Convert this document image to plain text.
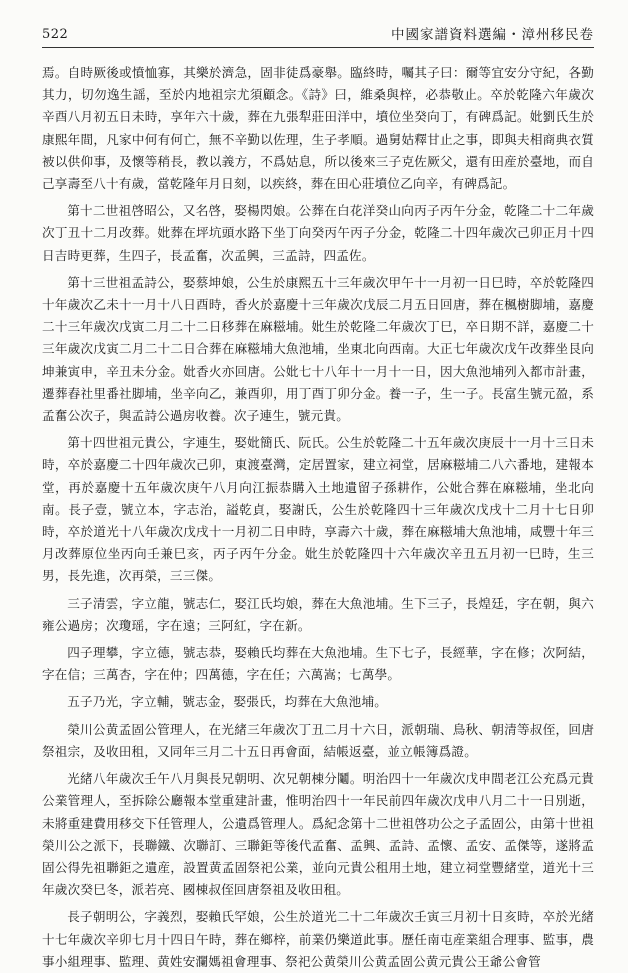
522	中國家譜資料選編・漳州移民卷

焉。自時厥後或憤恤寡，其樂於濟急，固非徒爲豪舉。臨終時，囑其子曰：爾等宜安分守紀，各勤其力，切勿逸生謡，至於内地祖宗尤須顧念。《詩》曰，維桑與梓，必恭敬止。卒於乾隆六年歲次辛酉八月初五日未時，享年六十歲，葬在九張犁莊田洋中，墳位坐癸向丁，有碑爲記。妣劉氏生於康熙年間，凡家中何有何亡，無不辛勤以佐理，生子孝順。過舅姑釋甘止之事，即與夫相商典衣質被以供仰事，及懷等稍長，教以義方，不爲姑息，所以後來三子克佐厥父，還有田産於臺地，而自己享壽至八十有歲，當乾隆年月日刻，以疾終，葬在田心莊墳位乙向辛，有碑爲記。

第十二世祖啓昭公，又名啓，娶楊閃娘。公葬在白花洋癸山向丙子丙午分金，乾隆二十二年歲次丁丑十二月改葬。妣葬在坪坑頭水路下坐丁向癸丙午丙子分金，乾隆二十四年歲次己卯正月十四日吉時更葬，生四子，長孟奮，次孟興，三孟詩，四孟佐。

第十三世祖孟詩公，娶蔡坤娘，公生於康熙五十三年歲次甲午十一月初一日巳時，卒於乾隆四十年歲次乙未十一月十八日酉時，香火於嘉慶十三年歲次戊辰二月五日回唐，葬在楓樹脚埔，嘉慶二十三年歲次戊寅二月二十二日移葬在麻糍埔。妣生於乾隆二年歲次丁巳，卒日期不詳，嘉慶二十三年歲次戊寅二月二十二日合葬在麻糍埔大魚池埔，坐東北向西南。大正七年歲次戊午改葬坐艮向坤兼寅申，辛丑未分金。妣香火亦回唐。公妣七十八年十一月十一日，因大魚池埔列入都市計畫，遷葬舂社里番社脚埔，坐辛向乙，兼酉卯，用丁酉丁卯分金。養一子，生一子。長富生號元盈，系孟奮公次子，與孟詩公過房收養。次子連生，號元貴。

第十四世祖元貴公，字連生，娶妣簡氏、阮氏。公生於乾隆二十五年歲次庚辰十一月十三日未時，卒於嘉慶二十四年歲次己卯，東渡臺灣，定居置家，建立祠堂，居麻糍埔二八六番地，建報本堂，再於嘉慶十五年歲次庚午八月向江振恭購入土地遺留子孫耕作，公妣合葬在麻糍埔，坐北向南。長子壹，號立本，字志治，謚乾貞，娶謝氏，公生於乾隆四十三年歲次戊戌十二月十七日卯時，卒於道光十八年歲次戊戌十一月初二日申時，享壽六十歲，葬在麻糍埔大魚池埔，咸豐十年三月改葬原位坐丙向壬兼巳亥，丙子丙午分金。妣生於乾隆四十六年歲次辛丑五月初一巳時，生三男，長先進，次再榮，三三傑。

三子清雲，字立龍，號志仁，娶江氏均娘，葬在大魚池埔。生下三子，長煌廷，字在朝，與六雍公過房；次瓊瑶，字在遠；三阿紅，字在新。

四子理攀，字立德，號志恭，娶賴氏均葬在大魚池埔。生下七子，長經華，字在修；次阿結，字在信；三萬杏，字在仲；四萬德，字在任；六萬嵩；七萬學。

五子乃光，字立輔，號志金，娶張氏，均葬在大魚池埔。

榮川公黄孟固公管理人，在光緒三年歲次丁丑二月十六日，派朝瑞、鳥秋、朝清等叔侄，回唐祭祖宗，及收田租，又同年三月二十五日再會面，結帳返臺，並立帳簿爲證。

光緒八年歲次壬午八月與長兄朝明、次兄朝棟分鬮。明治四十一年歲次戊申間老江公充爲元貴公業管理人，至拆除公廳報本堂重建計畫，惟明治四十一年民前四年歲次戊申八月二十一日別逝，未將重建費用移交下任管理人，公遺爲管理人。爲紀念第十二世祖啓功公之子孟固公，由第十世祖榮川公之派下，長聯鐵、次聯訂、三聯鉅等後代孟奮、孟興、孟詩、孟懷、孟安、孟傑等，遂將孟固公得先祖聯鉅之遺産，設置黄孟固祭祀公業，並向元貴公租用土地，建立祠堂豐緒堂，道光十三年歲次癸巳冬，派若亮、國棟叔侄回唐祭祖及收田租。

長子朝明公，字義烈，娶賴氏罕娘，公生於道光二十二年歲次壬寅三月初十日亥時，卒於光緒十七年歲次辛卯七月十四日午時，葬在鄉梓，前業仍樂道此事。歷任南屯産業組合理事、監事，農事小組理事、監理、黄姓安瀾媽祖會理事、祭祀公黄榮川公黄孟固公黄元貴公王爺公會管
